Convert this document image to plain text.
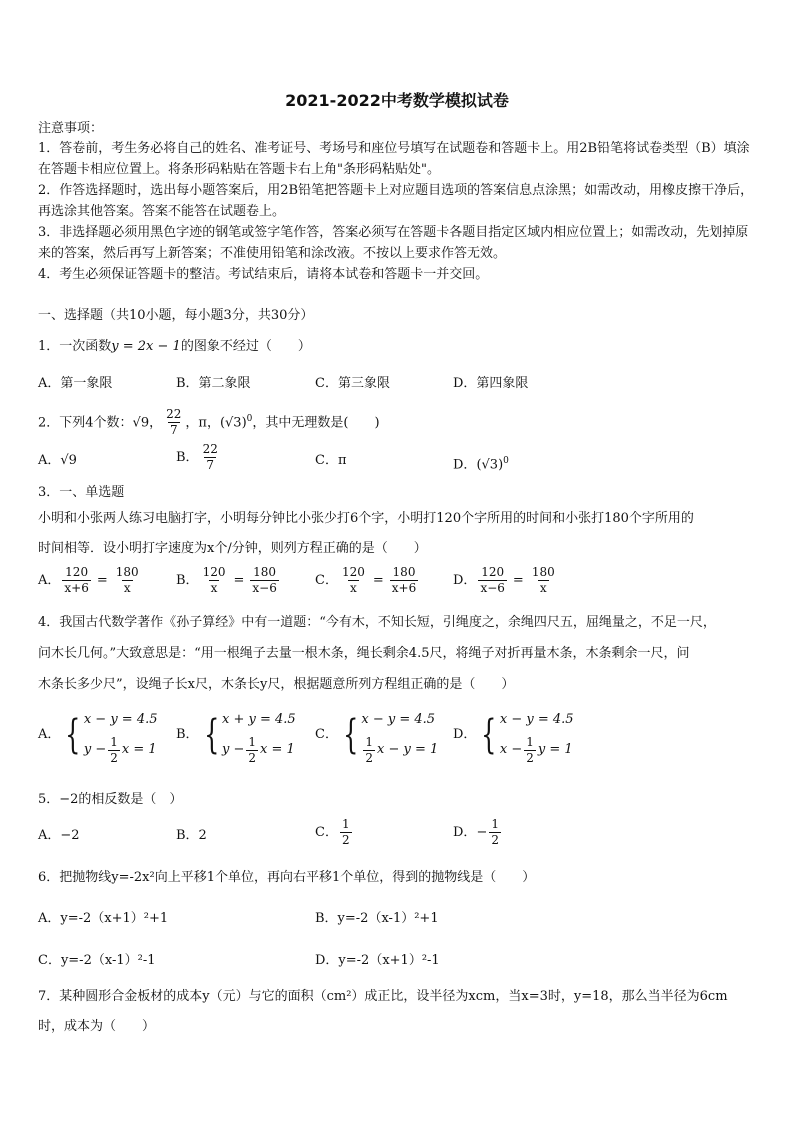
2021-2022中考数学模拟试卷
注意事项：
1．答卷前，考生务必将自己的姓名、准考证号、考场号和座位号填写在试题卷和答题卡上。用2B铅笔将试卷类型（B）填涂在答题卡相应位置上。将条形码粘贴在答题卡右上角"条形码粘贴处"。
2．作答选择题时，选出每小题答案后，用2B铅笔把答题卡上对应题目选项的答案信息点涂黑；如需改动，用橡皮擦干净后，再选涂其他答案。答案不能答在试题卷上。
3．非选择题必须用黑色字迹的钢笔或签字笔作答，答案必须写在答题卡各题目指定区域内相应位置上；如需改动，先划掉原来的答案，然后再写上新答案；不准使用铅笔和涂改液。不按以上要求作答无效。
4．考生必须保证答题卡的整洁。考试结束后，请将本试卷和答题卡一并交回。
一、选择题（共10小题，每小题3分，共30分）
1．一次函数y = 2x − 1的图象不经过（　　）
A．第一象限	B．第二象限	C．第三象限	D．第四象限
2．下列4个数：√9， $\frac{22}{7}$ ，π，$(√3)^0$，其中无理数是(　　)
A．√9	B． $\frac{22}{7}$	C．π	D．$(√3)^0$
3．一、单选题
小明和小张两人练习电脑打字，小明每分钟比小张少打6个字，小明打120个字所用的时间和小张打180个字所用的
时间相等．设小明打字速度为x个/分钟，则列方程正确的是（　　）
A． $\frac{120}{x+6} = \frac{180}{x}$	B． $\frac{120}{x} = \frac{180}{x-6}$	C． $\frac{120}{x} = \frac{180}{x+6}$	D． $\frac{120}{x-6} = \frac{180}{x}$
4．我国古代数学著作《孙子算经》中有一道题：“今有木，不知长短，引绳度之，余绳四尺五，屈绳量之，不足一尺，
问木长几何。”大致意思是：“用一根绳子去量一根木条，绳长剩余4.5尺，将绳子对折再量木条，木条剩余一尺，问
木条长多少尺”，设绳子长x尺，木条长y尺，根据题意所列方程组正确的是（　　）
A． { x − y = 4.5
$y - \frac{1}{2}$ x = 1
B． { x + y = 4.5
$y - \frac{1}{2}$ x = 1
C． { x − y = 4.5
$\frac{1}{2}$ x − y = 1
D． { x − y = 4.5
$x - \frac{1}{2}$ y = 1
5．−2的相反数是（　）
A．−2	B．2	C． $\frac{1}{2}$	D．− $\frac{1}{2}$
6．把抛物线y=-2x²向上平移1个单位，再向右平移1个单位，得到的抛物线是（　　）
A．y=-2（x+1）²+1	B．y=-2（x-1）²+1
C．y=-2（x-1）²-1	D．y=-2（x+1）²-1
7．某种圆形合金板材的成本y（元）与它的面积（cm²）成正比，设半径为xcm，当x=3时，y=18，那么当半径为6cm
时，成本为（　　）
